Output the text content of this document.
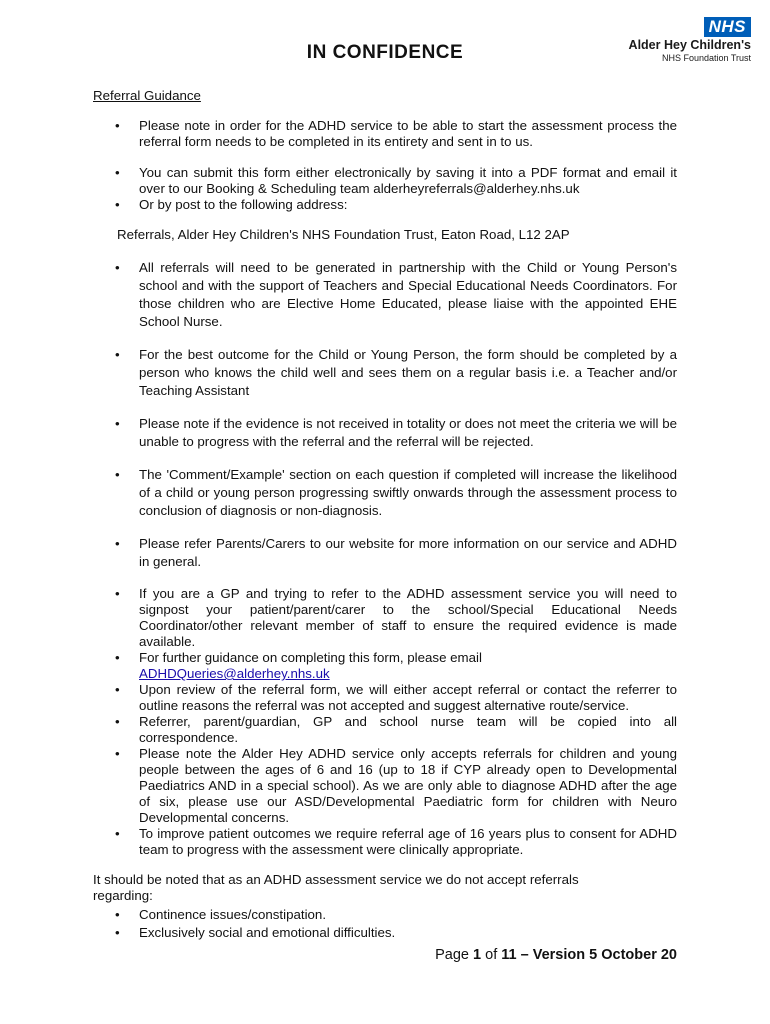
NHS
Alder Hey Children's
NHS Foundation Trust
IN CONFIDENCE
Referral Guidance
• Please note in order for the ADHD service to be able to start the assessment process the referral form needs to be completed in its entirety and sent in to us.
• You can submit this form either electronically by saving it into a PDF format and email it over to our Booking & Scheduling team alderheyreferrals@alderhey.nhs.uk
• Or by post to the following address:
Referrals, Alder Hey Children's NHS Foundation Trust, Eaton Road, L12 2AP
• All referrals will need to be generated in partnership with the Child or Young Person's school and with the support of Teachers and Special Educational Needs Coordinators. For those children who are Elective Home Educated, please liaise with the appointed EHE School Nurse.
• For the best outcome for the Child or Young Person, the form should be completed by a person who knows the child well and sees them on a regular basis i.e. a Teacher and/or Teaching Assistant
• Please note if the evidence is not received in totality or does not meet the criteria we will be unable to progress with the referral and the referral will be rejected.
• The 'Comment/Example' section on each question if completed will increase the likelihood of a child or young person progressing swiftly onwards through the assessment process to conclusion of diagnosis or non-diagnosis.
• Please refer Parents/Carers to our website for more information on our service and ADHD in general.
• If you are a GP and trying to refer to the ADHD assessment service you will need to signpost your patient/parent/carer to the school/Special Educational Needs Coordinator/other relevant member of staff to ensure the required evidence is made available.
• For further guidance on completing this form, please email
ADHDQueries@alderhey.nhs.uk
• Upon review of the referral form, we will either accept referral or contact the referrer to outline reasons the referral was not accepted and suggest alternative route/service.
• Referrer, parent/guardian, GP and school nurse team will be copied into all correspondence.
• Please note the Alder Hey ADHD service only accepts referrals for children and young people between the ages of 6 and 16 (up to 18 if CYP already open to Developmental Paediatrics AND in a special school). As we are only able to diagnose ADHD after the age of six, please use our ASD/Developmental Paediatric form for children with Neuro Developmental concerns.
• To improve patient outcomes we require referral age of 16 years plus to consent for ADHD team to progress with the assessment were clinically appropriate.
It should be noted that as an ADHD assessment service we do not accept referrals regarding:
• Continence issues/constipation.
• Exclusively social and emotional difficulties.
Page 1 of 11 – Version 5 October 20
